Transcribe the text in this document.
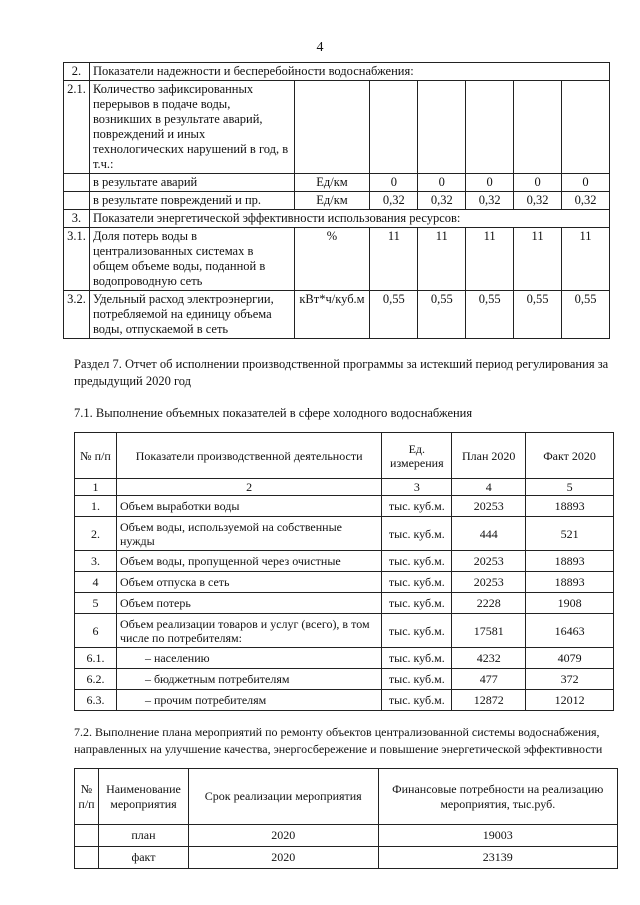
4
2.	Показатели надежности и бесперебойности водоснабжения:						
2.1.	Количество зафиксированных перерывов в подаче воды, возникших в результате аварий, повреждений и иных технологических нарушений в год, в т.ч.:						
	в результате аварий	Ед/км	0	0	0	0	0
	в результате повреждений и пр.	Ед/км	0,32	0,32	0,32	0,32	0,32
3.	Показатели энергетической эффективности использования ресурсов:						
3.1.	Доля потерь воды в централизованных системах в общем объеме воды, поданной в водопроводную сеть	%	11	11	11	11	11
3.2.	Удельный расход электроэнергии, потребляемой на единицу объема воды, отпускаемой в сеть	кВт*ч/куб.м	0,55	0,55	0,55	0,55	0,55
Раздел 7. Отчет об исполнении производственной программы за истекший период регулирования за предыдущий 2020 год
7.1. Выполнение объемных показателей в сфере холодного водоснабжения
№ п/п	Показатели производственной деятельности	Ед. измерения	План 2020	Факт 2020
1	2	3	4	5
1.	Объем выработки воды	тыс. куб.м.	20253	18893
2.	Объем воды, используемой на собственные нужды	тыс. куб.м.	444	521
3.	Объем воды, пропущенной через очистные	тыс. куб.м.	20253	18893
4	Объем отпуска в сеть	тыс. куб.м.	20253	18893
5	Объем потерь	тыс. куб.м.	2228	1908
6	Объем реализации товаров и услуг (всего), в том числе по потребителям:	тыс. куб.м.	17581	16463
6.1.	– населению	тыс. куб.м.	4232	4079
6.2.	– бюджетным потребителям	тыс. куб.м.	477	372
6.3.	– прочим потребителям	тыс. куб.м.	12872	12012
7.2. Выполнение плана мероприятий по ремонту объектов централизованной системы водоснабжения, направленных на улучшение качества, энергосбережение и повышение энергетической эффективности
№ п/п	Наименование мероприятия	Срок реализации мероприятия	Финансовые потребности на реализацию мероприятия, тыс.руб.
	план	2020	19003
	факт	2020	23139
